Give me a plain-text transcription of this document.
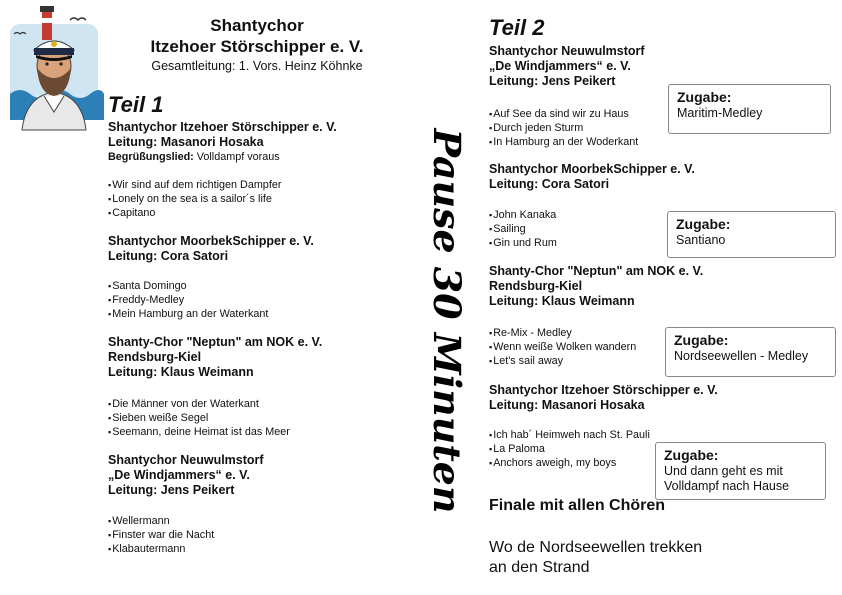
Shantychor
Itzehoer Störschipper e. V.
Gesamtleitung: 1. Vors. Heinz Köhnke
Teil 1
Shantychor Itzehoer Störschipper e. V.
Leitung: Masanori Hosaka
Begrüßungslied: Volldampf voraus
▪ Wir sind auf dem richtigen Dampfer
▪ Lonely on the sea is a sailor´s life
▪ Capitano
Shantychor MoorbekSchipper e. V.
Leitung: Cora Satori
▪ Santa Domingo
▪ Freddy-Medley
▪ Mein Hamburg an der Waterkant
Shanty-Chor "Neptun" am NOK e. V.
Rendsburg-Kiel
Leitung: Klaus Weimann
▪ Die Männer von der Waterkant
▪ Sieben weiße Segel
▪ Seemann, deine Heimat ist das Meer
Shantychor Neuwulmstorf
„De Windjammers“ e. V.
Leitung: Jens Peikert
▪ Wellermann
▪ Finster war die Nacht
▪ Klabautermann
Pause 30 Minuten
Teil 2
Shantychor Neuwulmstorf
„De Windjammers“ e. V.
Leitung: Jens Peikert
▪ Auf See da sind wir zu Haus
▪ Durch jeden Sturm
▪ In Hamburg an der Woderkant
Zugabe:
Maritim-Medley
Shantychor MoorbekSchipper e. V.
Leitung: Cora Satori
▪ John Kanaka
▪ Sailing
▪ Gin und Rum
Zugabe:
Santiano
Shanty-Chor "Neptun" am NOK e. V.
Rendsburg-Kiel
Leitung: Klaus Weimann
▪ Re-Mix - Medley
▪ Wenn weiße Wolken wandern
▪ Let's sail away
Zugabe:
Nordseewellen - Medley
Shantychor Itzehoer Störschipper e. V.
Leitung: Masanori Hosaka
▪ Ich hab´ Heimweh nach St. Pauli
▪ La Paloma
▪ Anchors aweigh, my boys	Zugabe:
Und dann geht es mit
Volldampf nach Hause
Finale mit allen Chören
Wo de Nordseewellen trekken
an den Strand
